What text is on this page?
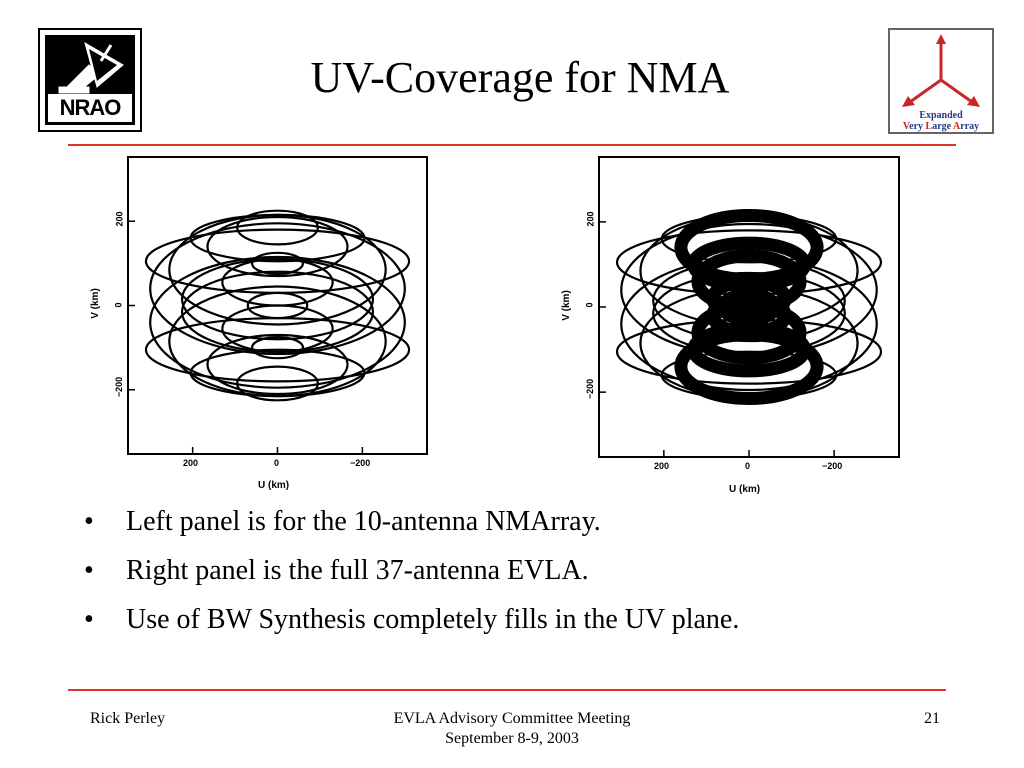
NRAO
UV-Coverage for NMA
Expanded
Very Large Array
200	0	−200
U (km)
200
0
−200
V (km)
200	0	−200
U (km)
200
0
−200
V (km)
• Left panel is for the 10-antenna NMArray.
• Right panel is the full 37-antenna EVLA.
• Use of BW Synthesis completely fills in the UV plane.
Rick Perley	EVLA Advisory Committee Meeting
September 8-9, 2003
21
